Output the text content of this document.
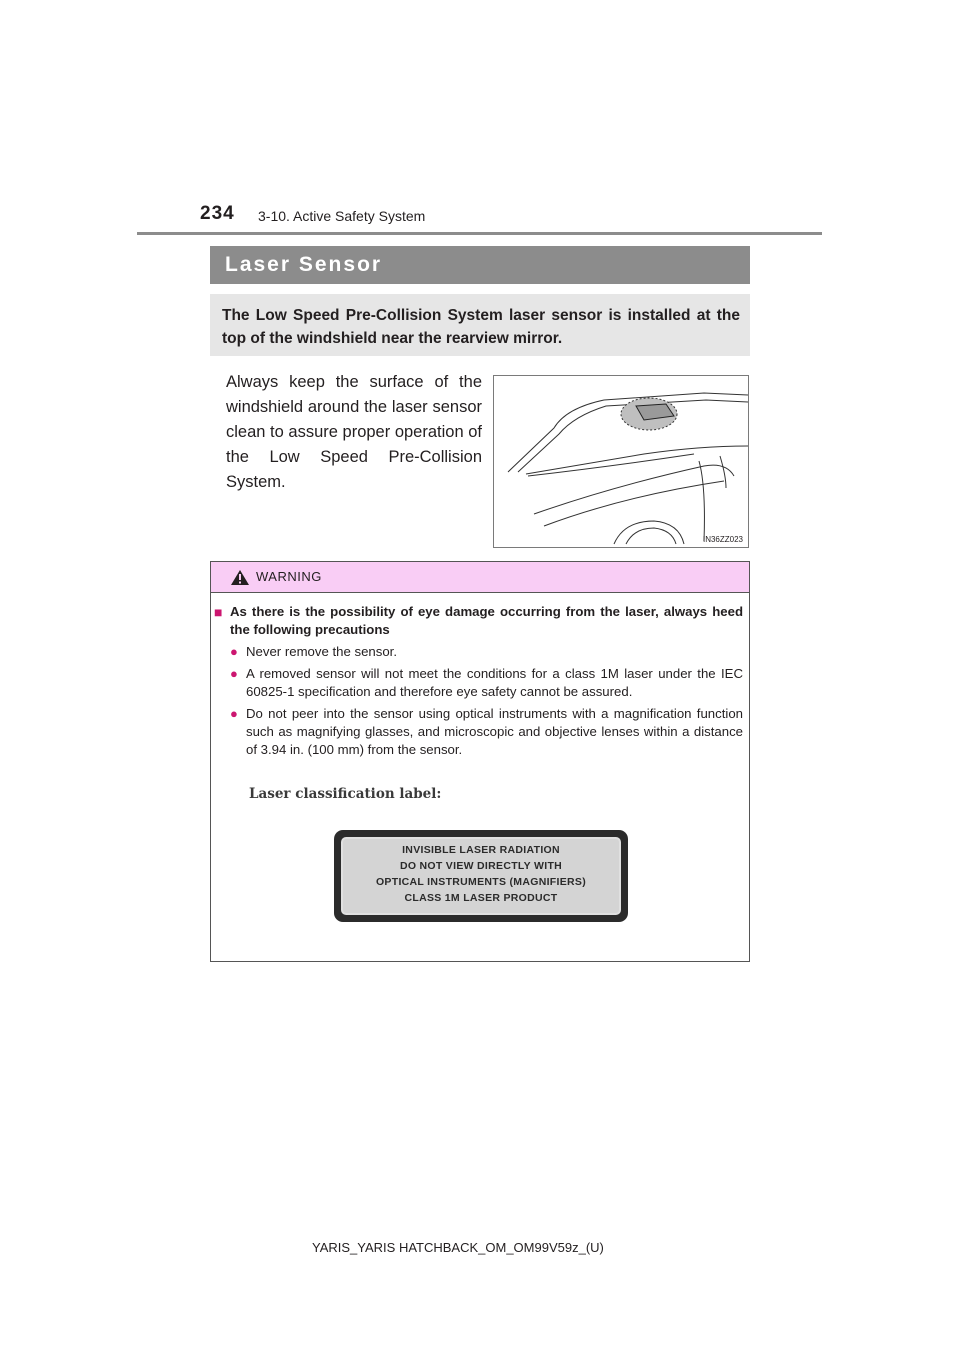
234 3-10. Active Safety System
Laser Sensor

The Low Speed Pre-Collision System laser sensor is installed at the top of the windshield near the rearview mirror.

Always keep the surface of the windshield around the laser sensor clean to assure proper operation of the Low Speed Pre-Collision System.

IN36ZZ023
WARNING
■ As there is the possibility of eye damage occurring from the laser, always heed the following precautions
● Never remove the sensor.
● A removed sensor will not meet the conditions for a class 1M laser under the IEC 60825-1 specification and therefore eye safety cannot be assured.
● Do not peer into the sensor using optical instruments with a magnification function such as magnifying glasses, and microscopic and objective lenses within a distance of 3.94 in. (100 mm) from the sensor.
Laser classification label:
INVISIBLE LASER RADIATION
DO NOT VIEW DIRECTLY WITH
OPTICAL INSTRUMENTS (MAGNIFIERS)
CLASS 1M LASER PRODUCT
YARIS_YARIS HATCHBACK_OM_OM99V59z_(U)
